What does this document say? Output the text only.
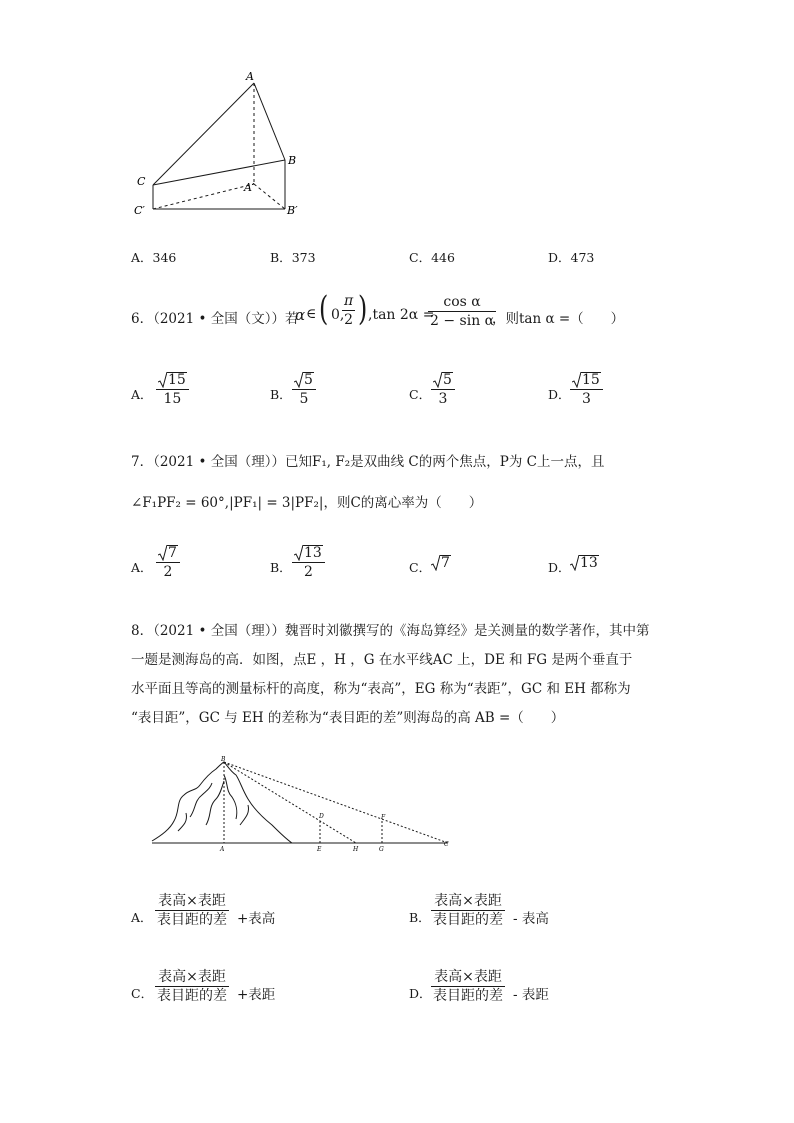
A
B
C	A′
B′
C′
A．346	B．373	C．446	D．473
6．（2021 • 全国（文））若
α ∈ ( 0,
π
2 ) ,tan 2α =
cos α
2 − sin α
，则tan α =（　　）
A．
15
15	B．
5
5	C．
5
3	D．
15
3
7．（2021 • 全国（理））已知F₁, F₂是双曲线 C的两个焦点，P为 C上一点，且
∠F₁PF₂ = 60°,|PF₁| = 3|PF₂|，则C的离心率为（　　）
A．
7
2	B．
13
2	C． 7	D． 13
8．（2021 • 全国（理））魏晋时刘徽撰写的《海岛算经》是关测量的数学著作，其中第
一题是测海岛的高．如图，点E ，H ，G 在水平线AC 上，DE 和 FG 是两个垂直于
水平面且等高的测量标杆的高度，称为“表高”，EG 称为“表距”，GC 和 EH 都称为
“表目距”，GC 与 EH 的差称为“表目距的差”则海岛的高 AB =（　　）
B
A
D
E	H
F
G
C
A．
表高×表距
表目距的差 +表高	B．
表高×表距
表目距的差 - 表高
C．
表高×表距
表目距的差 +表距	D．
表高×表距
表目距的差 - 表距
